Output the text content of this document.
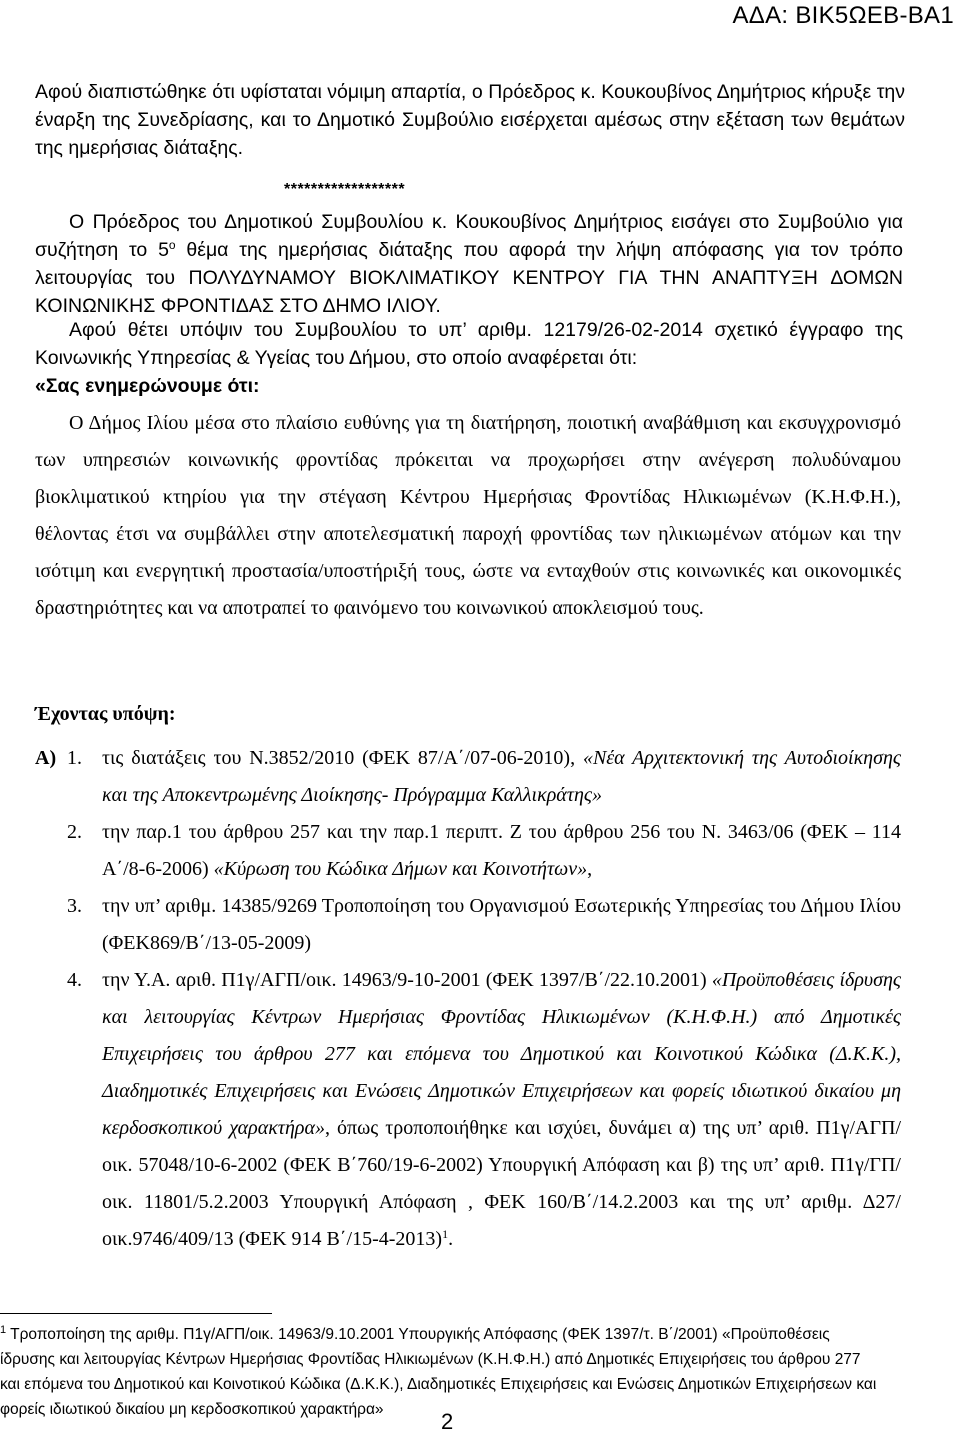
ΑΔΑ: ΒΙΚ5ΩΕΒ-ΒΑ1
Αφού διαπιστώθηκε ότι υφίσταται νόμιμη απαρτία, ο Πρόεδρος κ. Κουκουβίνος Δημήτριος κήρυξε την έναρξη της Συνεδρίασης, και το Δημοτικό Συμβούλιο εισέρχεται αμέσως στην εξέταση των θεμάτων της ημερήσιας διάταξης.
******************
Ο Πρόεδρος του Δημοτικού Συμβουλίου κ. Κουκουβίνος Δημήτριος εισάγει στο Συμβούλιο για συζήτηση το $5^o$ θέμα της ημερήσιας διάταξης που αφορά την λήψη απόφασης για τον τρόπο λειτουργίας του ΠΟΛΥΔΥΝΑΜΟΥ ΒΙΟΚΛΙΜΑΤΙΚΟΥ ΚΕΝΤΡΟΥ ΓΙΑ ΤΗΝ ΑΝΑΠΤΥΞΗ ΔΟΜΩΝ ΚΟΙΝΩΝΙΚΗΣ ΦΡΟΝΤΙΔΑΣ ΣΤΟ ΔΗΜΟ ΙΛΙΟΥ.
Αφού θέτει υπόψιν του Συμβουλίου το υπ’ αριθμ. 12179/26-02-2014 σχετικό έγγραφο της Κοινωνικής Υπηρεσίας & Υγείας του Δήμου, στο οποίο αναφέρεται ότι:
«Σας ενημερώνουμε ότι:
Ο Δήμος Ιλίου μέσα στο πλαίσιο ευθύνης για τη διατήρηση, ποιοτική αναβάθμιση και εκσυγχρονισμό των υπηρεσιών κοινωνικής φροντίδας πρόκειται να προχωρήσει στην ανέγερση πολυδύναμου βιοκλιματικού κτηρίου για την στέγαση Κέντρου Ημερήσιας Φροντίδας Ηλικιωμένων (Κ.Η.Φ.Η.), θέλοντας έτσι να συμβάλλει στην αποτελεσματική παροχή φροντίδας των ηλικιωμένων ατόμων και την ισότιμη και ενεργητική προστασία/υποστήριξή τους, ώστε να ενταχθούν στις κοινωνικές και οικονομικές δραστηριότητες και να αποτραπεί το φαινόμενο του κοινωνικού αποκλεισμού τους.
Έχοντας υπόψη:
Α) 1. τις διατάξεις του Ν.3852/2010 (ΦΕΚ 87/Α΄/07-06-2010), «Νέα Αρχιτεκτονική της Αυτοδιοίκησης και της Αποκεντρωμένης Διοίκησης- Πρόγραμμα Καλλικράτης»
2. την παρ.1 του άρθρου 257 και την παρ.1 περιπτ. Ζ του άρθρου 256 του Ν. 3463/06 (ΦΕΚ – 114 Α΄/8-6-2006) «Κύρωση του Κώδικα Δήμων και Κοινοτήτων»,
3. την υπ’ αριθμ. 14385/9269 Τροποποίηση του Οργανισμού Εσωτερικής Υπηρεσίας του Δήμου Ιλίου (ΦΕΚ869/Β΄/13-05-2009)
4. την Υ.Α. αριθ. Π1γ/ΑΓΠ/οικ. 14963/9-10-2001 (ΦΕΚ 1397/Β΄/22.10.2001) «Προϋποθέσεις ίδρυσης και λειτουργίας Κέντρων Ημερήσιας Φροντίδας Ηλικιωμένων (Κ.Η.Φ.Η.) από Δημοτικές Επιχειρήσεις του άρθρου 277 και επόμενα του Δημοτικού και Κοινοτικού Κώδικα (Δ.Κ.Κ.), Διαδημοτικές Επιχειρήσεις και Ενώσεις Δημοτικών Επιχειρήσεων και φορείς ιδιωτικού δικαίου μη κερδοσκοπικού χαρακτήρα», όπως τροποποιήθηκε και ισχύει, δυνάμει α) της υπ’ αριθ. Π1γ/ΑΓΠ/οικ. 57048/10-6-2002 (ΦΕΚ Β΄760/19-6-2002) Υπουργική Απόφαση και β) της υπ’ αριθ. Π1γ/ΓΠ/οικ. 11801/5.2.2003 Υπουργική Απόφαση , ΦΕΚ 160/Β΄/14.2.2003 και της υπ’ αριθμ. Δ27/οικ.9746/409/13 (ΦΕΚ 914 Β΄/15-4-2013)$^1$.
$^1$ Τροποποίηση της αριθμ. Π1γ/ΑΓΠ/οικ. 14963/9.10.2001 Υπουργικής Απόφασης (ΦΕΚ 1397/τ. Β΄/2001) «Προϋποθέσεις ίδρυσης και λειτουργίας Κέντρων Ημερήσιας Φροντίδας Ηλικιωμένων (Κ.Η.Φ.Η.) από Δημοτικές Επιχειρήσεις του άρθρου 277 και επόμενα του Δημοτικού και Κοινοτικού Κώδικα (Δ.Κ.Κ.), Διαδημοτικές Επιχειρήσεις και Ενώσεις Δημοτικών Επιχειρήσεων και φορείς ιδιωτικού δικαίου μη κερδοσκοπικού χαρακτήρα»	2
